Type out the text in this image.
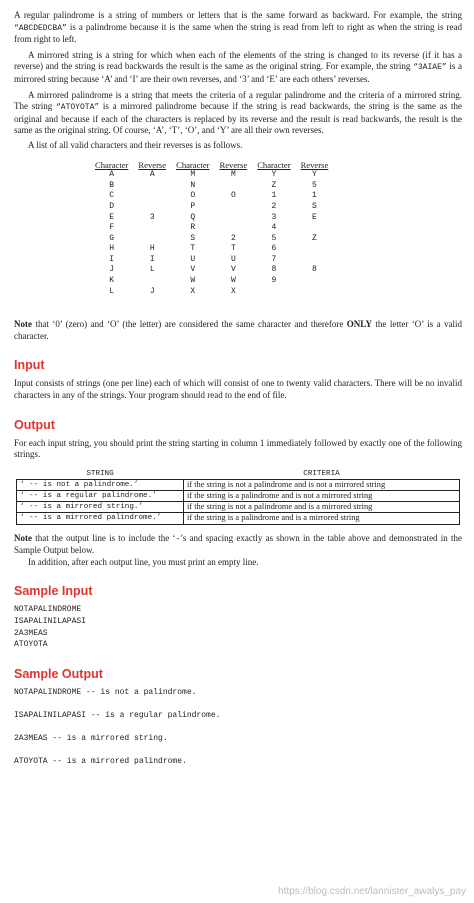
A regular palindrome is a string of numbers or letters that is the same forward as backward. For example, the string “ABCDEDCBA” is a palindrome because it is the same when the string is read from left to right as when the string is read from right to left.

A mirrored string is a string for which when each of the elements of the string is changed to its reverse (if it has a reverse) and the string is read backwards the result is the same as the original string. For example, the string “3AIAE” is a mirrored string because ‘A’ and ‘I’ are their own reverses, and ‘3’ and ‘E’ are each others’ reverses.

A mirrored palindrome is a string that meets the criteria of a regular palindrome and the criteria of a mirrored string. The string “ATOYOTA” is a mirrored palindrome because if the string is read backwards, the string is the same as the original and because if each of the characters is replaced by its reverse and the result is read backwards, the result is the same as the original string. Of course, ‘A’, ‘T’, ‘O’, and ‘Y’ are all their own reverses.

A list of all valid characters and their reverses is as follows.

Character	Reverse	Character	Reverse	Character	Reverse
A	A	M	M	Y	Y
B		N		Z	5
C		O	O	1	1
D		P		2	S
E	3	Q		3	E
F		R		4	
G		S	2	5	Z
H	H	T	T	6	
I	I	U	U	7	
J	L	V	V	8	8
K		W	W	9	
L	J	X	X		

Note that ‘0’ (zero) and ‘O’ (the letter) are considered the same character and therefore ONLY the letter ‘O’ is a valid character.

Input

Input consists of strings (one per line) each of which will consist of one to twenty valid characters. There will be no invalid characters in any of the strings. Your program should read to the end of file.

Output

For each input string, you should print the string starting in column 1 immediately followed by exactly one of the following strings.

STRING	CRITERIA
‘ -- is not a palindrome.’	if the string is not a palindrome and is not a mirrored string
‘ -- is a regular palindrome.’	if the string is a palindrome and is not a mirrored string
‘ -- is a mirrored string.’	if the string is not a palindrome and is a mirrored string
‘ -- is a mirrored palindrome.’	if the string is a palindrome and is a mirrored string

Note that the output line is to include the ‘-’s and spacing exactly as shown in the table above and demonstrated in the Sample Output below.

In addition, after each output line, you must print an empty line.

Sample Input
NOTAPALINDROME
ISAPALINILAPASI
2A3MEAS
ATOYOTA
Sample Output
NOTAPALINDROME -- is not a palindrome.
ISAPALINILAPASI -- is a regular palindrome.
2A3MEAS -- is a mirrored string.
ATOYOTA -- is a mirrored palindrome.
https://blog.csdn.net/lannister_awalys_pay
